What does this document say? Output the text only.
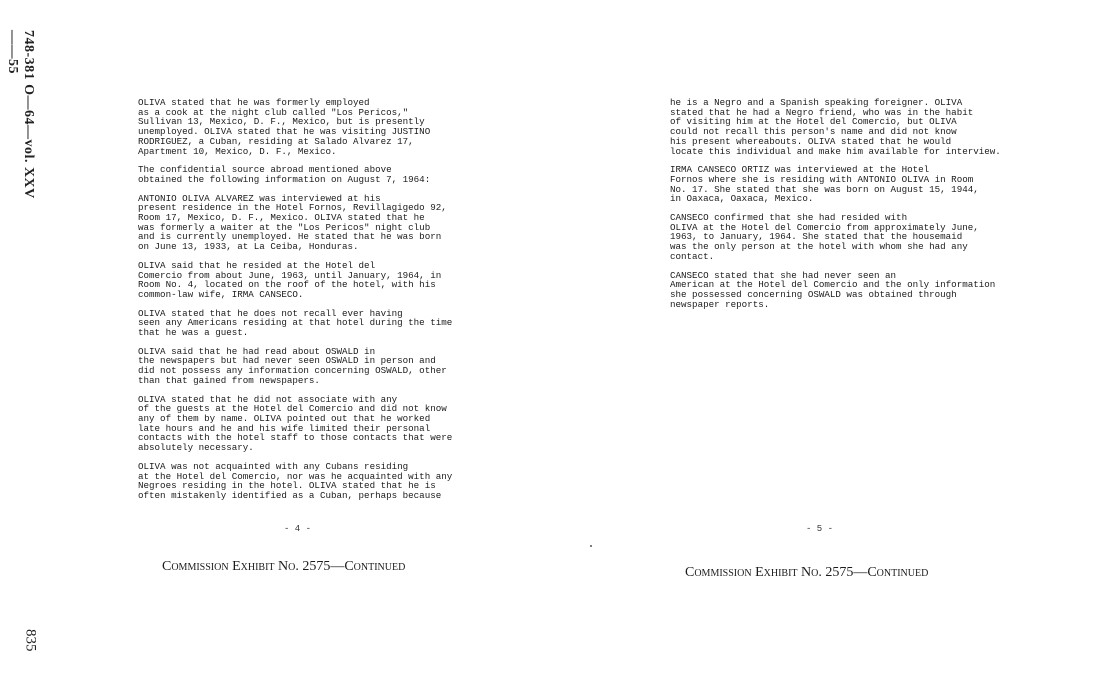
748-381 O—64—vol. XXV——55
835

OLIVA stated that he was formerly employed
as a cook at the night club called "Los Pericos,"
Sullivan 13, Mexico, D. F., Mexico, but is presently
unemployed. OLIVA stated that he was visiting JUSTINO
RODRIGUEZ, a Cuban, residing at Salado Alvarez 17,
Apartment 10, Mexico, D. F., Mexico.

The confidential source abroad mentioned above
obtained the following information on August 7, 1964:

ANTONIO OLIVA ALVAREZ was interviewed at his
present residence in the Hotel Fornos, Revillagigedo 92,
Room 17, Mexico, D. F., Mexico. OLIVA stated that he
was formerly a waiter at the "Los Pericos" night club
and is currently unemployed. He stated that he was born
on June 13, 1933, at La Ceiba, Honduras.

OLIVA said that he resided at the Hotel del
Comercio from about June, 1963, until January, 1964, in
Room No. 4, located on the roof of the hotel, with his
common-law wife, IRMA CANSECO.

OLIVA stated that he does not recall ever having
seen any Americans residing at that hotel during the time
that he was a guest.

OLIVA said that he had read about OSWALD in
the newspapers but had never seen OSWALD in person and
did not possess any information concerning OSWALD, other
than that gained from newspapers.

OLIVA stated that he did not associate with any
of the guests at the Hotel del Comercio and did not know
any of them by name. OLIVA pointed out that he worked
late hours and he and his wife limited their personal
contacts with the hotel staff to those contacts that were
absolutely necessary.

OLIVA was not acquainted with any Cubans residing
at the Hotel del Comercio, nor was he acquainted with any
Negroes residing in the hotel. OLIVA stated that he is
often mistakenly identified as a Cuban, perhaps because

- 4 -
Commission Exhibit No. 2575—Continued

he is a Negro and a Spanish speaking foreigner. OLIVA
stated that he had a Negro friend, who was in the habit
of visiting him at the Hotel del Comercio, but OLIVA
could not recall this person's name and did not know
his present whereabouts. OLIVA stated that he would
locate this individual and make him available for interview.

IRMA CANSECO ORTIZ was interviewed at the Hotel
Fornos where she is residing with ANTONIO OLIVA in Room
No. 17. She stated that she was born on August 15, 1944,
in Oaxaca, Oaxaca, Mexico.

CANSECO confirmed that she had resided with
OLIVA at the Hotel del Comercio from approximately June,
1963, to January, 1964. She stated that the housemaid
was the only person at the hotel with whom she had any
contact.

CANSECO stated that she had never seen an
American at the Hotel del Comercio and the only information
she possessed concerning OSWALD was obtained through
newspaper reports.

- 5 -
Commission Exhibit No. 2575—Continued
